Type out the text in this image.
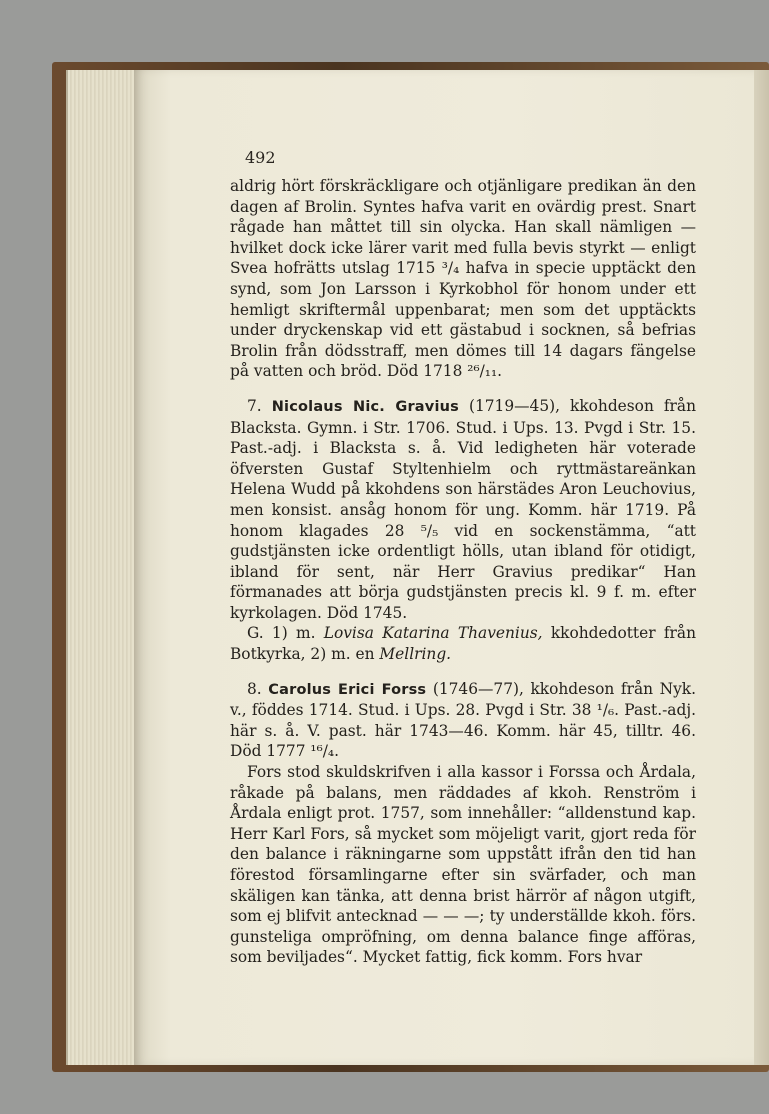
492

aldrig hört förskräckligare och otjänligare predikan än den dagen af Brolin. Syntes hafva varit en ovärdig prest. Snart rågade han måttet till sin olycka. Han skall nämligen — hvilket dock icke lärer varit med fulla bevis styrkt — enligt Svea hofrätts utslag 1715 ³/₄ hafva in specie upptäckt den synd, som Jon Larsson i Kyrkobhol för honom under ett hemligt skriftermål uppenbarat; men som det upptäckts under dryckenskap vid ett gästabud i socknen, så befrias Brolin från dödsstraff, men dömes till 14 dagars fängelse på vatten och bröd. Död 1718 ²⁶/₁₁.

7. Nicolaus Nic. Gravius (1719—45), kkohdeson från Blacksta. Gymn. i Str. 1706. Stud. i Ups. 13. Pvgd i Str. 15. Past.-adj. i Blacksta s. å. Vid ledigheten här voterade öfversten Gustaf Styltenhielm och ryttmästareänkan Helena Wudd på kkohdens son härstädes Aron Leuchovius, men konsist. ansåg honom för ung. Komm. här 1719. På honom klagades 28 ⁵/₅ vid en sockenstämma, “att gudstjänsten icke ordentligt hölls, utan ibland för otidigt, ibland för sent, när Herr Gravius predikar“ Han förmanades att börja gudstjänsten precis kl. 9 f. m. efter kyrkolagen. Död 1745.

G. 1) m. Lovisa Katarina Thavenius, kkohdedotter från Botkyrka, 2) m. en Mellring.

8. Carolus Erici Forss (1746—77), kkohdeson från Nyk. v., föddes 1714. Stud. i Ups. 28. Pvgd i Str. 38 ¹/₆. Past.-adj. här s. å. V. past. här 1743—46. Komm. här 45, tilltr. 46. Död 1777 ¹⁶/₄.

Fors stod skuldskrifven i alla kassor i Forssa och Årdala, råkade på balans, men räddades af kkoh. Renström i Årdala enligt prot. 1757, som innehåller: “alldenstund kap. Herr Karl Fors, så mycket som möjeligt varit, gjort reda för den balance i räkningarne som uppstått ifrån den tid han förestod församlingarne efter sin svärfader, och man skäligen kan tänka, att denna brist härrör af någon utgift, som ej blifvit antecknad — — —; ty underställde kkoh. förs. gunsteliga ompröfning, om denna balance finge afföras, som beviljades“. Mycket fattig, fick komm. Fors hvar
